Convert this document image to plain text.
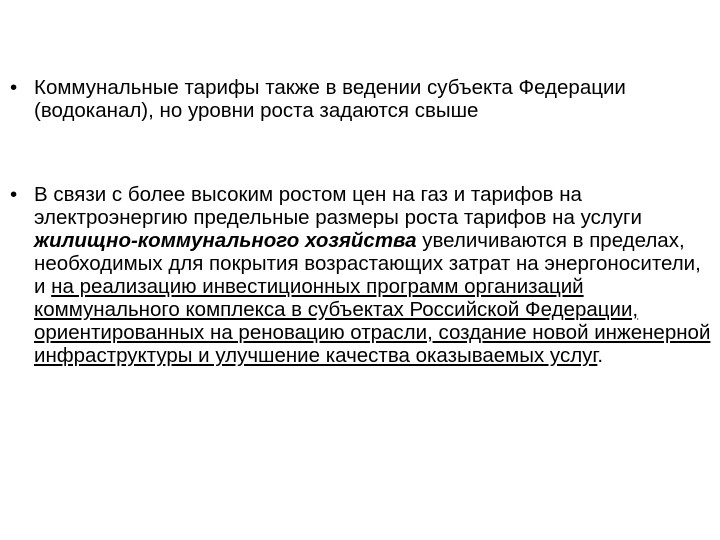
• Коммунальные тарифы также в ведении субъекта Федерации (водоканал), но уровни роста задаются свыше
• В связи с более высоким ростом цен на газ и тарифов на электроэнергию предельные размеры роста тарифов на услуги жилищно-коммунального хозяйства увеличиваются в пределах, необходимых для покрытия возрастающих затрат на энергоносители, и на реализацию инвестиционных программ организаций коммунального комплекса в субъектах Российской Федерации, ориентированных на реновацию отрасли, создание новой инженерной инфраструктуры и улучшение качества оказываемых услуг.
